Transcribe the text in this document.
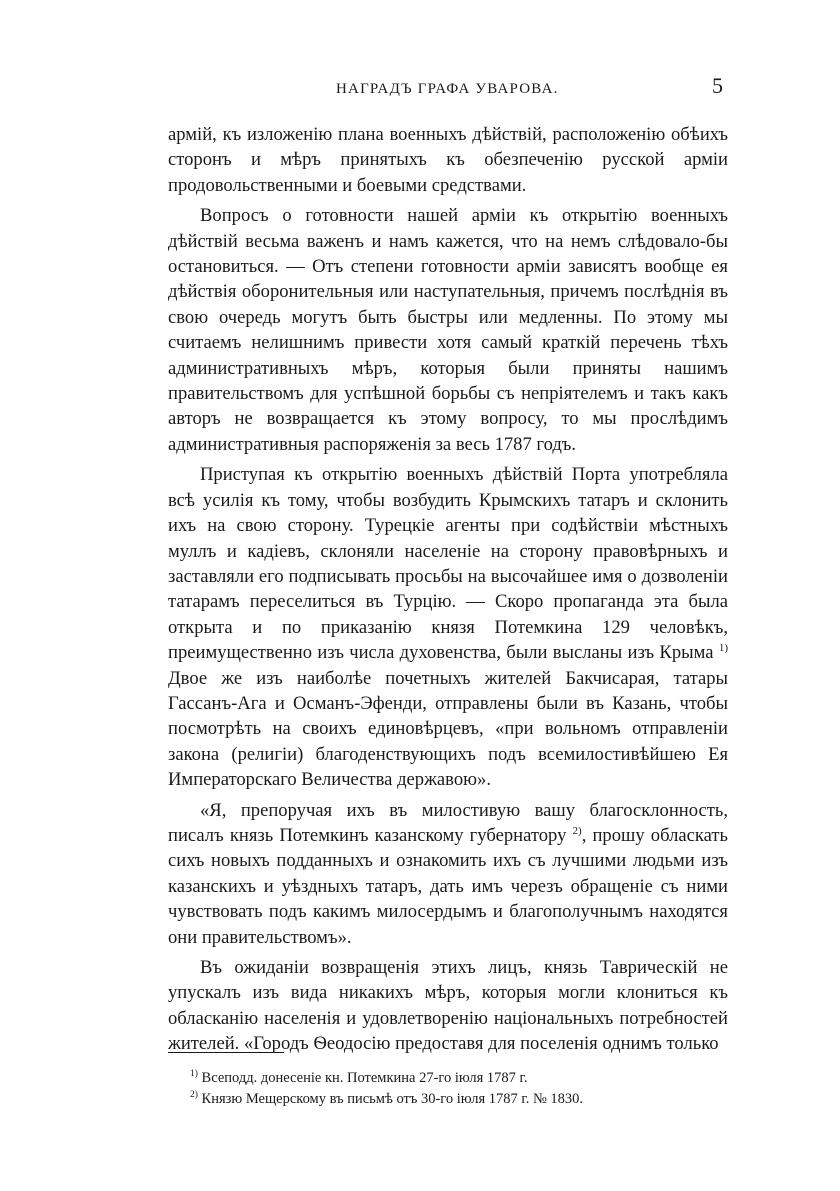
НАГРАДЪ ГРАФА УВАРОВА.	5

армій, къ изложенію плана военныхъ дѣйствій, расположенію обѣихъ сторонъ и мѣръ принятыхъ къ обезпеченію русской арміи продовольственными и боевыми средствами.

Вопросъ о готовности нашей арміи къ открытію военныхъ дѣйствій весьма важенъ и намъ кажется, что на немъ слѣдовало-бы остановиться. — Отъ степени готовности арміи зависятъ вообще ея дѣйствія оборонительныя или наступательныя, причемъ послѣднія въ свою очередь могутъ быть быстры или медленны. По этому мы считаемъ нелишнимъ привести хотя самый краткій перечень тѣхъ административныхъ мѣръ, которыя были приняты нашимъ правительствомъ для успѣшной борьбы съ непріятелемъ и такъ какъ авторъ не возвращается къ этому вопросу, то мы прослѣдимъ административныя распоряженія за весь 1787 годъ.

Приступая къ открытію военныхъ дѣйствій Порта употребляла всѣ усилія къ тому, чтобы возбудить Крымскихъ татаръ и склонить ихъ на свою сторону. Турецкіе агенты при содѣйствіи мѣстныхъ муллъ и кадіевъ, склоняли населеніе на сторону правовѣрныхъ и заставляли его подписывать просьбы на высочайшее имя о дозволеніи татарамъ переселиться въ Турцію. — Скоро пропаганда эта была открыта и по приказанію князя Потемкина 129 человѣкъ, преимущественно изъ числа духовенства, были высланы изъ Крыма $^{1)}$ Двое же изъ наиболѣе почетныхъ жителей Бакчисарая, татары Гассанъ-Ага и Османъ-Эфенди, отправлены были въ Казань, чтобы посмотрѣть на своихъ единовѣрцевъ, «при вольномъ отправленіи закона (религіи) благоденствующихъ подъ всемилостивѣйшею Ея Императорскаго Величества державою».

«Я, препоручая ихъ въ милостивую вашу благосклонность, писалъ князь Потемкинъ казанскому губернатору $^{2)}$, прошу обласкать сихъ новыхъ подданныхъ и ознакомить ихъ съ лучшими людьми изъ казанскихъ и уѣздныхъ татаръ, дать имъ черезъ обращеніе съ ними чувствовать подъ какимъ милосердымъ и благополучнымъ находятся они правительствомъ».

Въ ожиданіи возвращенія этихъ лицъ, князь Таврическій не упускалъ изъ вида никакихъ мѣръ, которыя могли клониться къ обласканію населенія и удовлетворенію національныхъ потребностей жителей. «Городъ Ѳеодосію предоставя для поселенія однимъ только

$^{1)}$ Всеподд. донесеніе кн. Потемкина 27-го іюля 1787 г.

$^{2)}$ Князю Мещерскому въ письмѣ отъ 30-го іюля 1787 г. № 1830.
